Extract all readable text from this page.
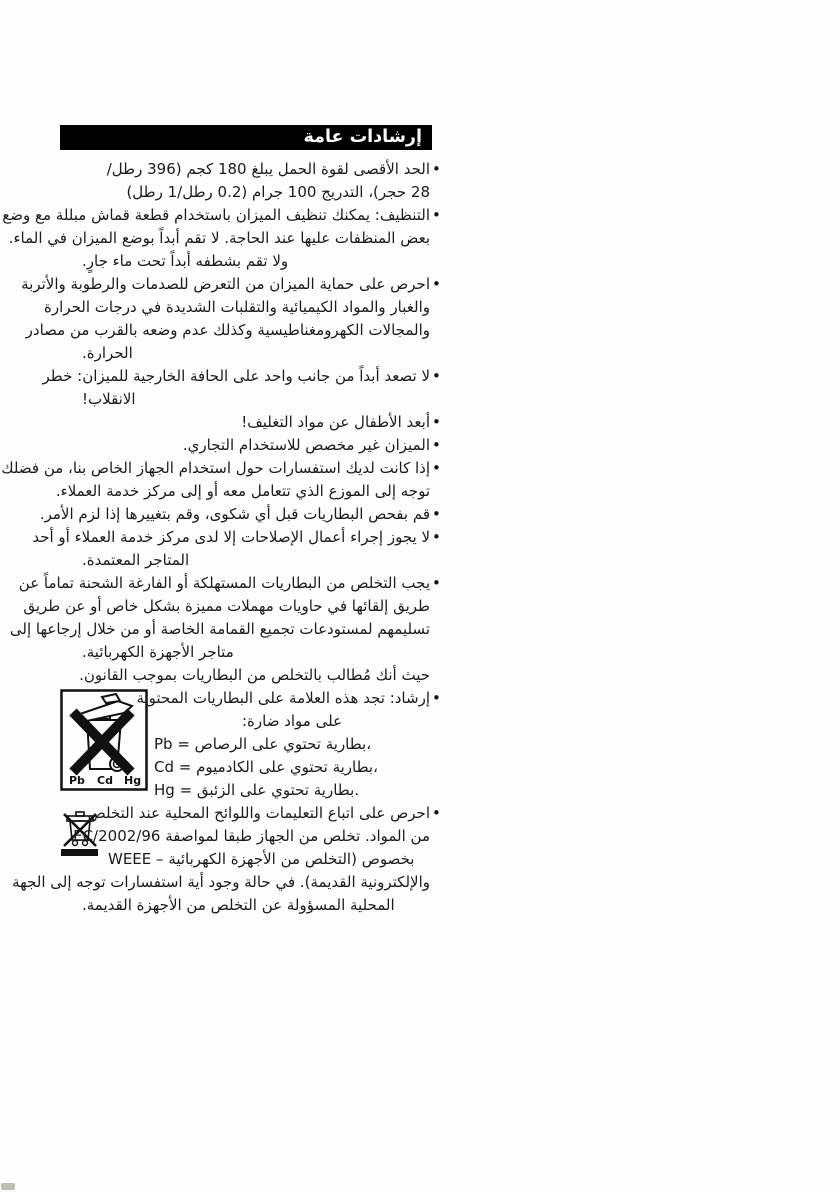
إرشادات عامة
•
الحد الأقصى لقوة الحمل يبلغ 180 كجم (396 رطل/
28 حجر)، التدريج 100 جرام (0.2 رطل/1 رطل)
•
التنظيف: يمكنك تنظيف الميزان باستخدام قطعة قماش مبللة مع وضع
بعض المنظفات عليها عند الحاجة. لا تقم أبداً بوضع الميزان في الماء.
ولا تقم بشطفه أبداً تحت ماء جارٍ.
•
احرص على حماية الميزان من التعرض للصدمات والرطوبة والأتربة
والغبار والمواد الكيميائية والتقلبات الشديدة في درجات الحرارة
والمجالات الكهرومغناطيسية وكذلك عدم وضعه بالقرب من مصادر
الحرارة.
•
لا تصعد أبداً من جانب واحد على الحافة الخارجية للميزان: خطر
الانقلاب!
•
أبعد الأطفال عن مواد التغليف!
•
الميزان غير مخصص للاستخدام التجاري.
•
إذا كانت لديك استفسارات حول استخدام الجهاز الخاص بنا، من فضلك
توجه إلى الموزع الذي تتعامل معه أو إلى مركز خدمة العملاء.
•
قم بفحص البطاريات قبل أي شكوى، وقم بتغييرها إذا لزم الأمر.
•
لا يجوز إجراء أعمال الإصلاحات إلا لدى مركز خدمة العملاء أو أحد
المتاجر المعتمدة.
•
يجب التخلص من البطاريات المستهلكة أو الفارغة الشحنة تماماً عن
طريق إلقائها في حاويات مهملات مميزة بشكل خاص أو عن طريق
تسليمهم لمستودعات تجميع القمامة الخاصة أو من خلال إرجاعها إلى
متاجر الأجهزة الكهربائية.
حيث أنك مُطالب بالتخلص من البطاريات بموجب القانون.
Pb Cd Hg
•
إرشاد: تجد هذه العلامة على البطاريات المحتوية
على مواد ضارة:
Pb = بطارية تحتوي على الرصاص،
Cd = بطارية تحتوي على الكادميوم،
Hg = بطارية تحتوي على الزئبق.
•
احرص على اتباع التعليمات واللوائح المحلية عند التخلص
من المواد. تخلص من الجهاز طبقا لمواصفة 2002/96/EC
WEEE – بخصوص (التخلص من الأجهزة الكهربائية
والإلكترونية القديمة). في حالة وجود أية استفسارات توجه إلى الجهة
المحلية المسؤولة عن التخلص من الأجهزة القديمة.
